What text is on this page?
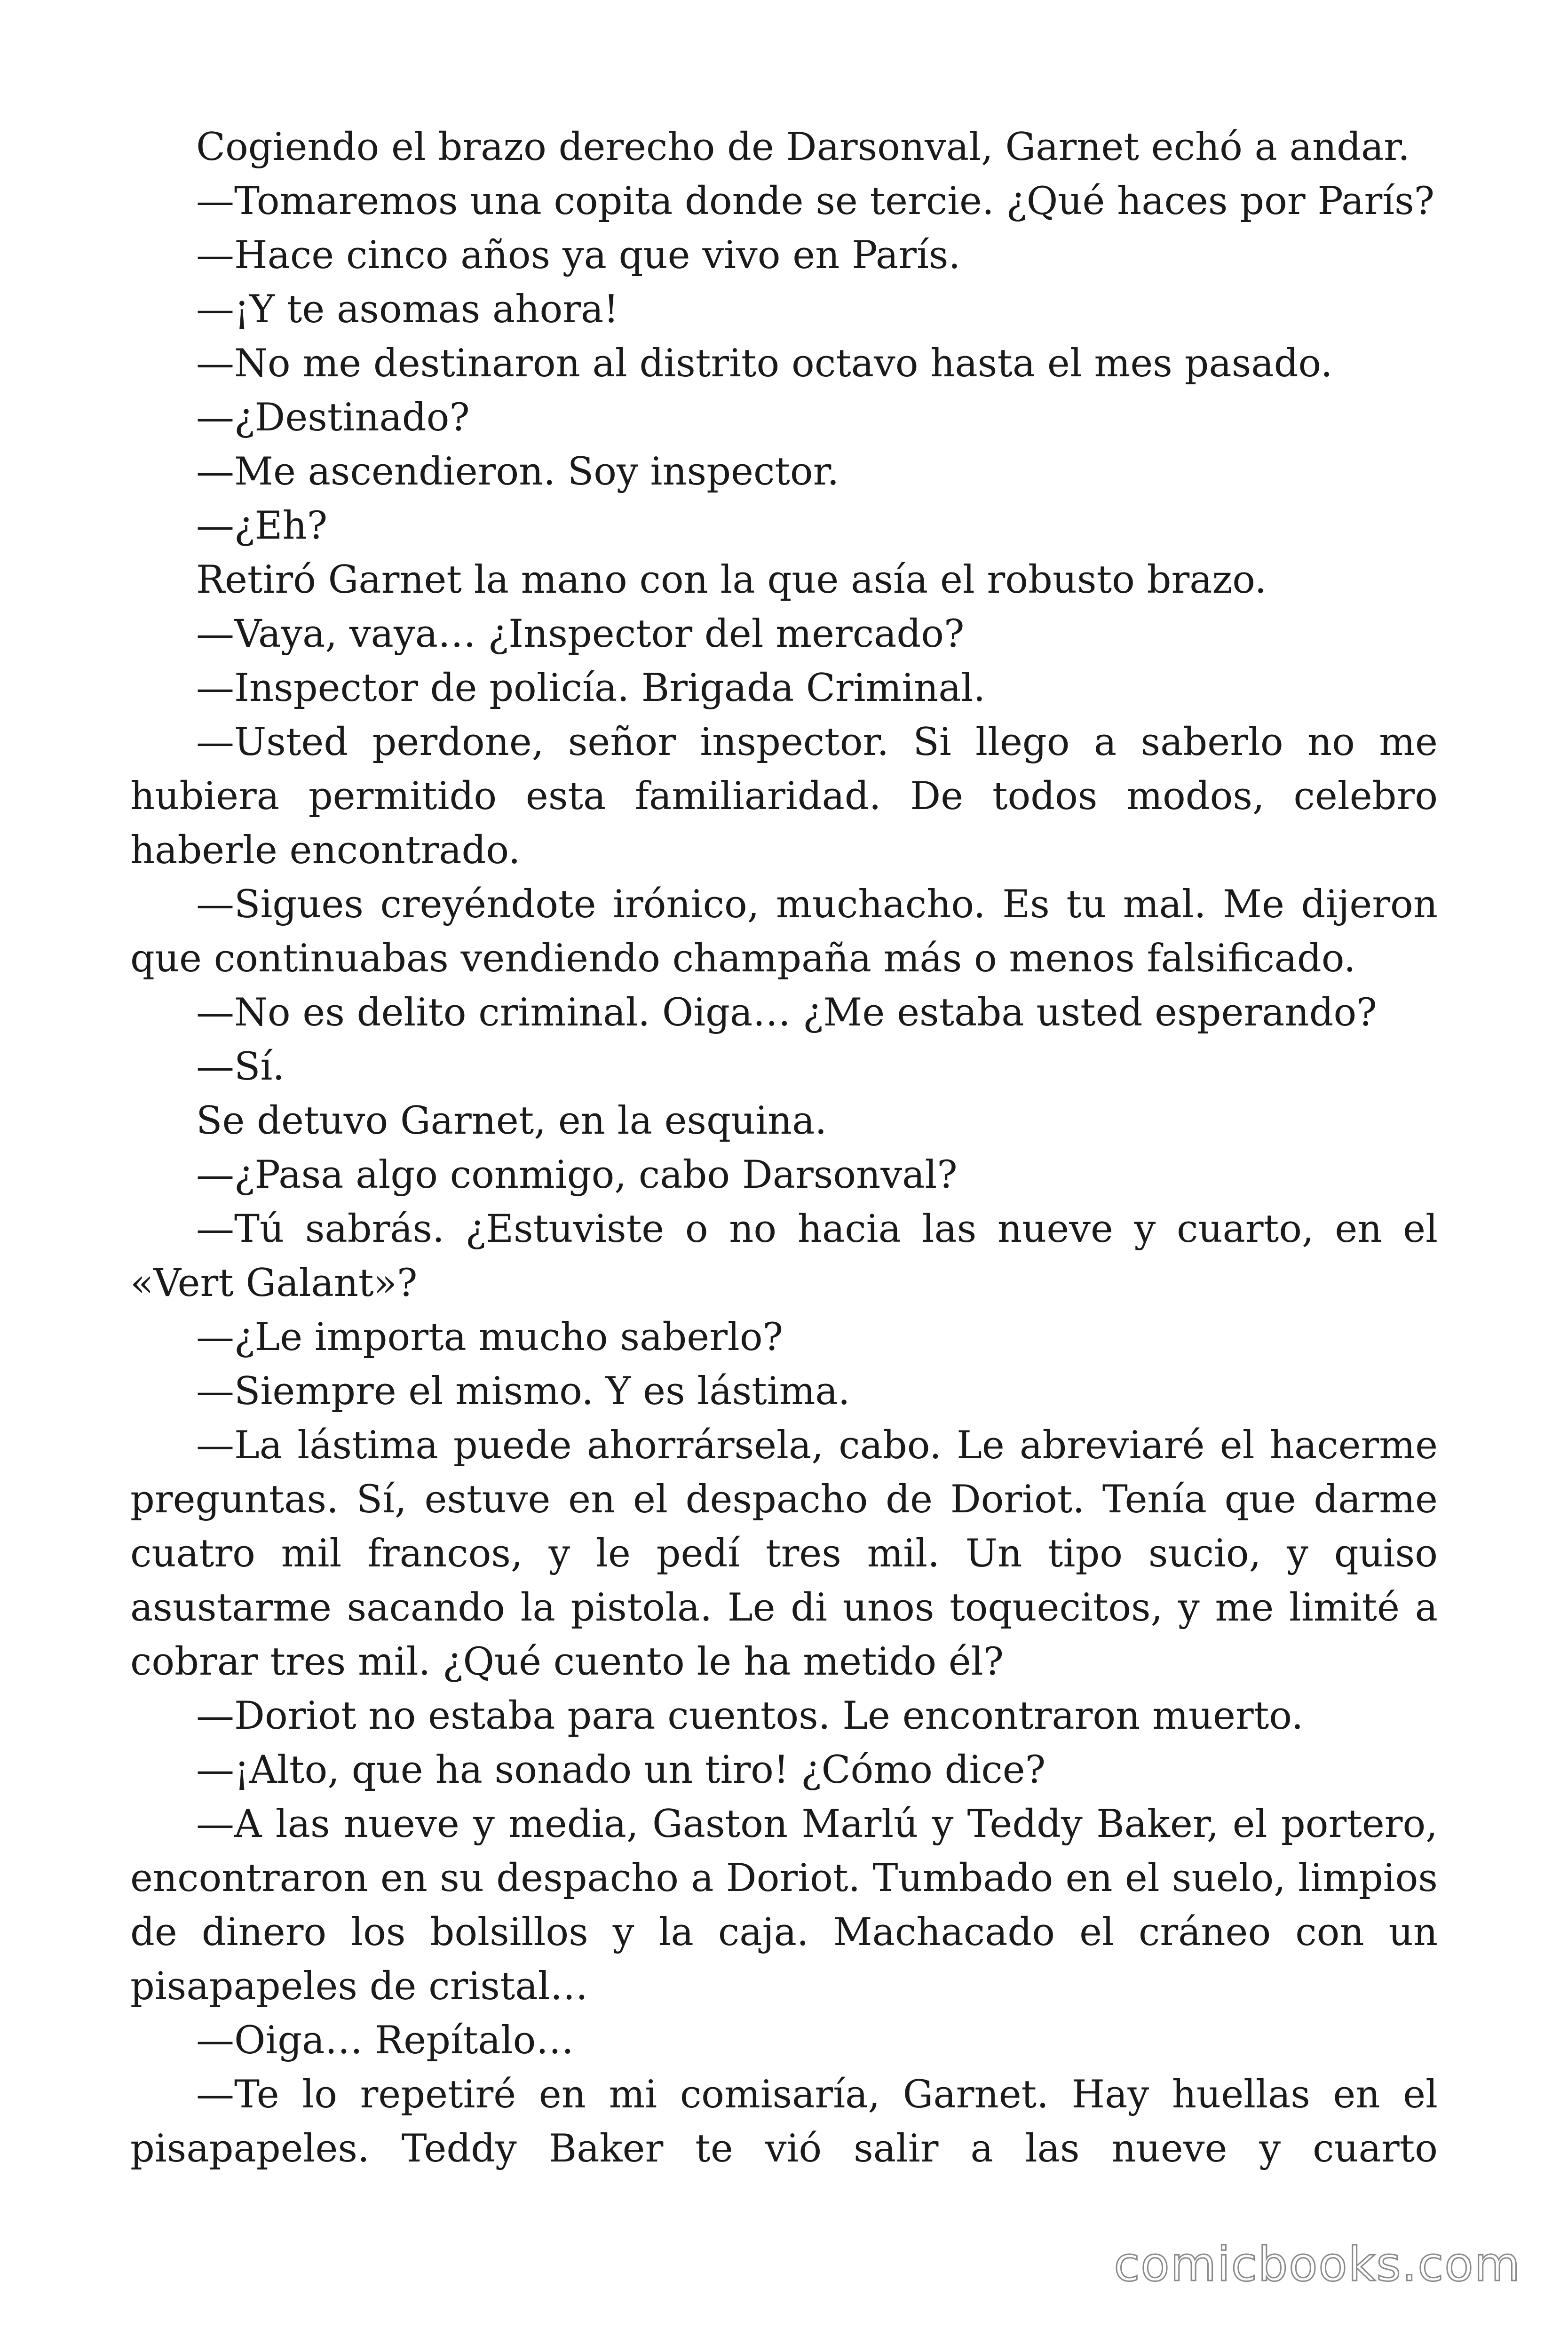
Cogiendo el brazo derecho de Darsonval, Garnet echó a andar.

—Tomaremos una copita donde se tercie. ¿Qué haces por París?

—Hace cinco años ya que vivo en París.

—¡Y te asomas ahora!

—No me destinaron al distrito octavo hasta el mes pasado.

—¿Destinado?

—Me ascendieron. Soy inspector.

—¿Eh?

Retiró Garnet la mano con la que asía el robusto brazo.

—Vaya, vaya… ¿Inspector del mercado?

—Inspector de policía. Brigada Criminal.

—Usted perdone, señor inspector. Si llego a saberlo no me hubiera permitido esta familiaridad. De todos modos, celebro haberle encontrado.

—Sigues creyéndote irónico, muchacho. Es tu mal. Me dijeron que continuabas vendiendo champaña más o menos falsificado.

—No es delito criminal. Oiga… ¿Me estaba usted esperando?

—Sí.

Se detuvo Garnet, en la esquina.

—¿Pasa algo conmigo, cabo Darsonval?

—Tú sabrás. ¿Estuviste o no hacia las nueve y cuarto, en el «Vert Galant»?

—¿Le importa mucho saberlo?

—Siempre el mismo. Y es lástima.

—La lástima puede ahorrársela, cabo. Le abreviaré el hacerme preguntas. Sí, estuve en el despacho de Doriot. Tenía que darme cuatro mil francos, y le pedí tres mil. Un tipo sucio, y quiso asustarme sacando la pistola. Le di unos toquecitos, y me limité a cobrar tres mil. ¿Qué cuento le ha metido él?

—Doriot no estaba para cuentos. Le encontraron muerto.

—¡Alto, que ha sonado un tiro! ¿Cómo dice?

—A las nueve y media, Gaston Marlú y Teddy Baker, el portero, encontraron en su despacho a Doriot. Tumbado en el suelo, limpios de dinero los bolsillos y la caja. Machacado el cráneo con un pisapapeles de cristal…

—Oiga… Repítalo…

—Te lo repetiré en mi comisaría, Garnet. Hay huellas en el pisapapeles. Teddy Baker te vió salir a las nueve y cuarto

comicbooks.com
